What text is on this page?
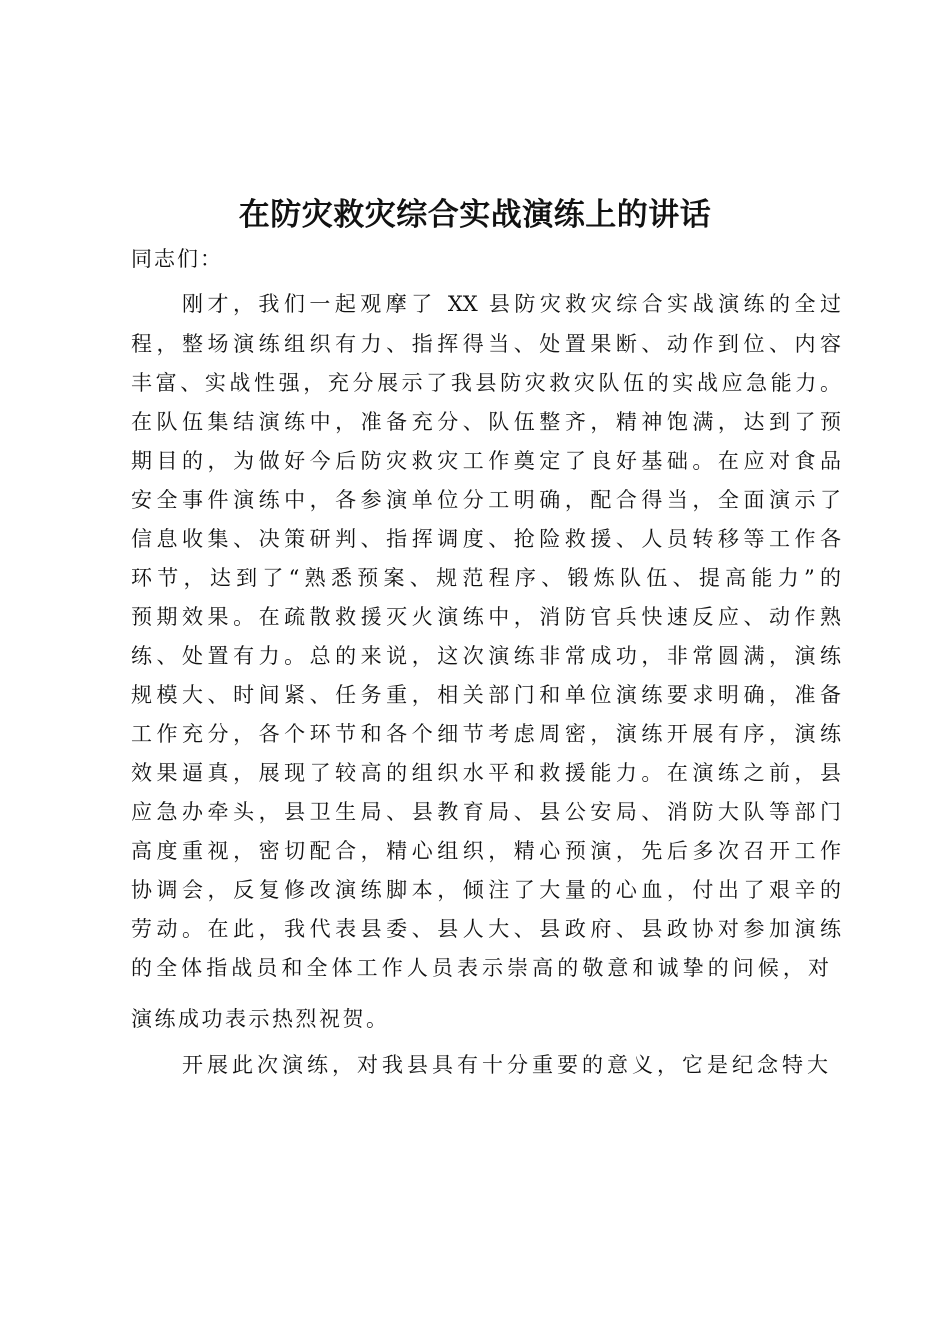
在防灾救灾综合实战演练上的讲话

同志们：

刚才，我们一起观摩了 XX 县防灾救灾综合实战演练的全过

程，整场演练组织有力、指挥得当、处置果断、动作到位、内容

丰富、实战性强，充分展示了我县防灾救灾队伍的实战应急能力。

在队伍集结演练中，准备充分、队伍整齐，精神饱满，达到了预

期目的，为做好今后防灾救灾工作奠定了良好基础。在应对食品

安全事件演练中，各参演单位分工明确，配合得当，全面演示了

信息收集、决策研判、指挥调度、抢险救援、人员转移等工作各

环节，达到了“熟悉预案、规范程序、锻炼队伍、提高能力”的

预期效果。在疏散救援灭火演练中，消防官兵快速反应、动作熟

练、处置有力。总的来说，这次演练非常成功，非常圆满，演练

规模大、时间紧、任务重，相关部门和单位演练要求明确，准备

工作充分，各个环节和各个细节考虑周密，演练开展有序，演练

效果逼真，展现了较高的组织水平和救援能力。在演练之前，县

应急办牵头，县卫生局、县教育局、县公安局、消防大队等部门

高度重视，密切配合，精心组织，精心预演，先后多次召开工作

协调会，反复修改演练脚本，倾注了大量的心血，付出了艰辛的

劳动。在此，我代表县委、县人大、县政府、县政协对参加演练

的全体指战员和全体工作人员表示崇高的敬意和诚挚的问候，对

演练成功表示热烈祝贺。

开展此次演练，对我县具有十分重要的意义，它是纪念特大
